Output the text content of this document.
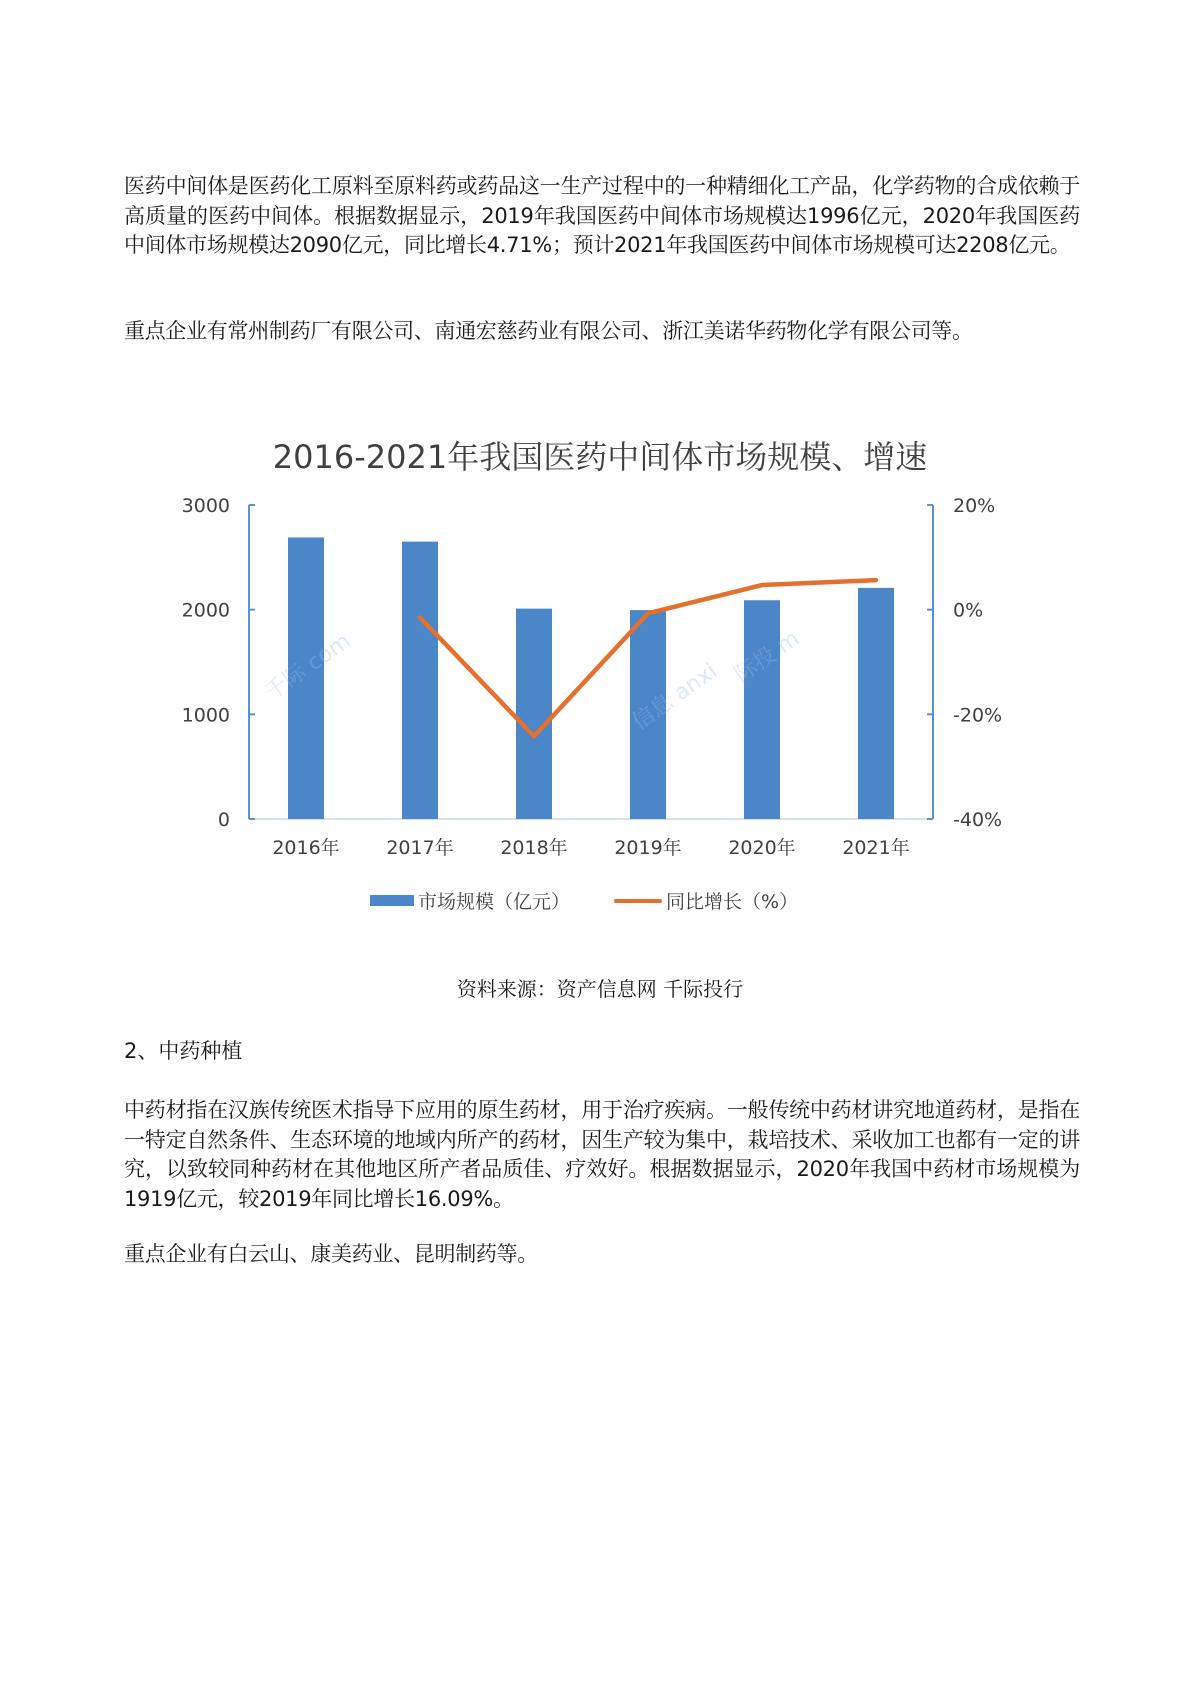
医药中间体是医药化工原料至原料药或药品这一生产过程中的一种精细化工产品，化学药物的合成依赖于高质量的医药中间体。根据数据显示，2019年我国医药中间体市场规模达1996亿元，2020年我国医药中间体市场规模达2090亿元，同比增长4.71%；预计2021年我国医药中间体市场规模可达2208亿元。

重点企业有常州制药厂有限公司、南通宏慈药业有限公司、浙江美诺华药物化学有限公司等。

2016-2021年我国医药中间体市场规模、增速
0
1000
2000
3000
-40%
-20%
0%
20%
2016年 2017年 2018年 2019年 2020年 2021年
千际 com	信息 anxi
际投 m
市场规模（亿元）	同比增长（%）
资料来源：资产信息网 千际投行
2、中药种植

中药材指在汉族传统医术指导下应用的原生药材，用于治疗疾病。一般传统中药材讲究地道药材，是指在一特定自然条件、生态环境的地域内所产的药材，因生产较为集中，栽培技术、采收加工也都有一定的讲究，以致较同种药材在其他地区所产者品质佳、疗效好。根据数据显示，2020年我国中药材市场规模为1919亿元，较2019年同比增长16.09%。

重点企业有白云山、康美药业、昆明制药等。
